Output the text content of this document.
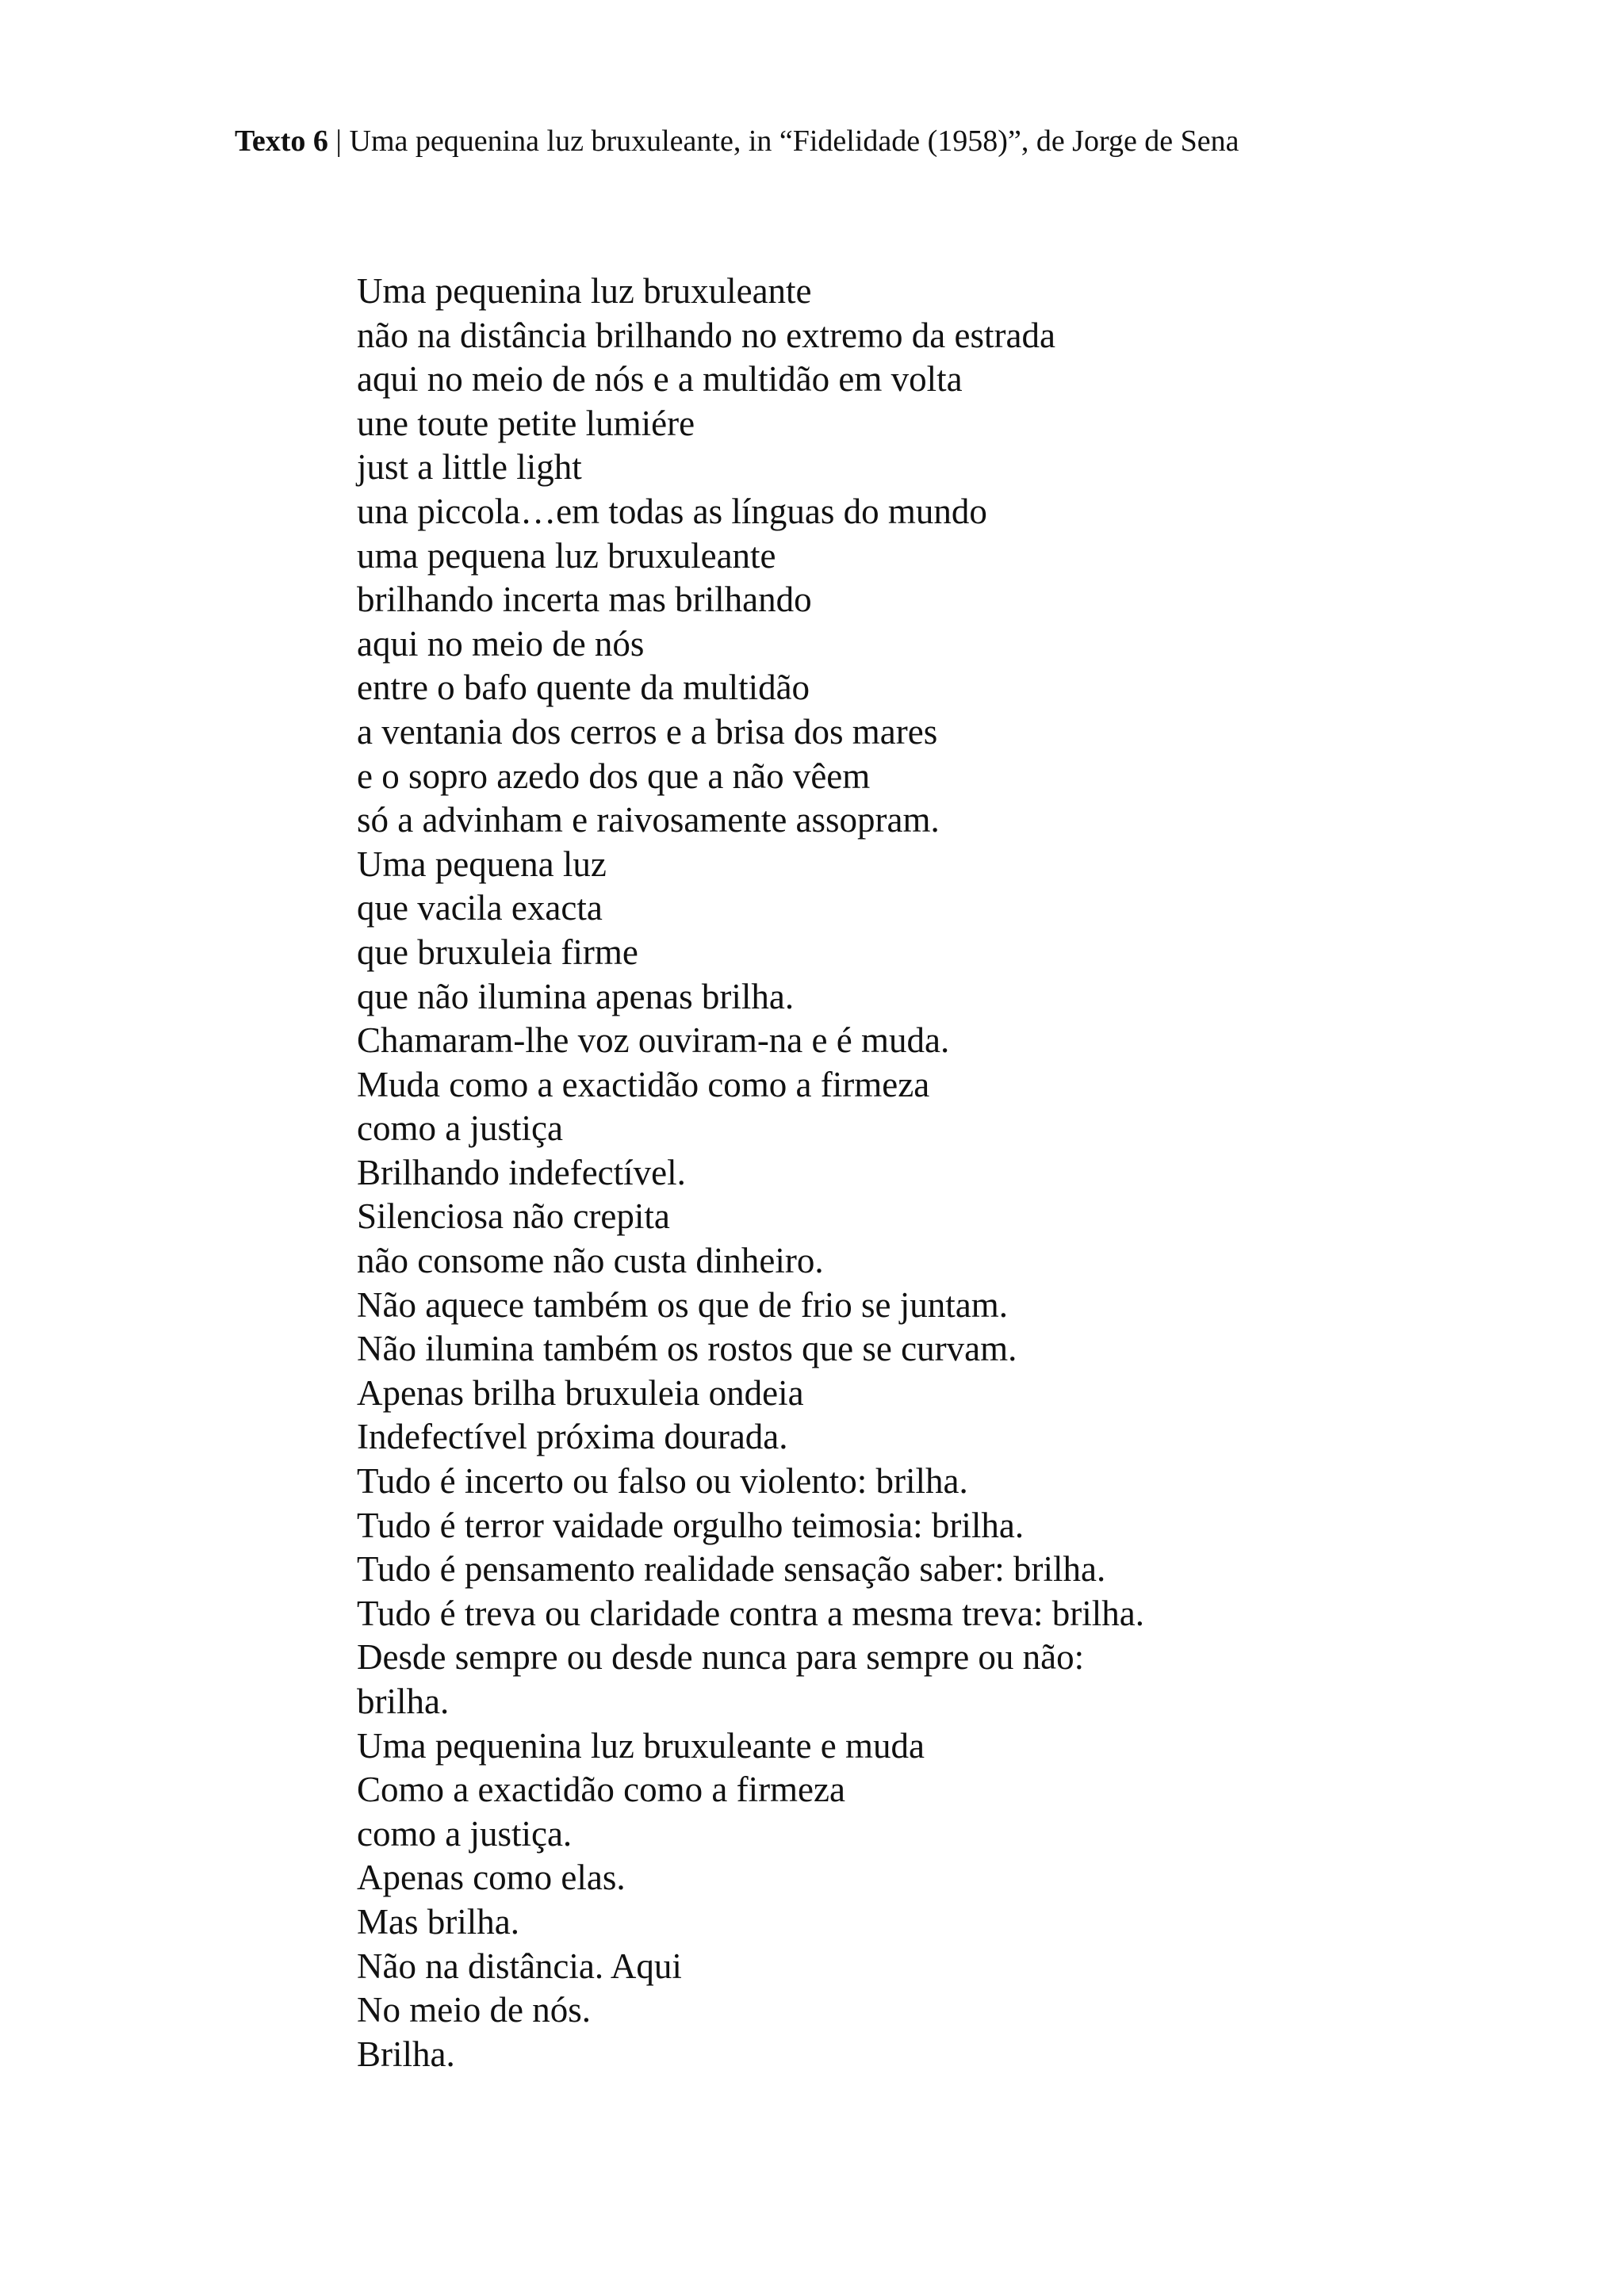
Texto 6 | Uma pequenina luz bruxuleante, in “Fidelidade (1958)”, de Jorge de Sena
Uma pequenina luz bruxuleante
não na distância brilhando no extremo da estrada
aqui no meio de nós e a multidão em volta
une toute petite lumiére
just a little light
una piccola…em todas as línguas do mundo
uma pequena luz bruxuleante
brilhando incerta mas brilhando
aqui no meio de nós
entre o bafo quente da multidão
a ventania dos cerros e a brisa dos mares
e o sopro azedo dos que a não vêem
só a advinham e raivosamente assopram.
Uma pequena luz
que vacila exacta
que bruxuleia firme
que não ilumina apenas brilha.
Chamaram-lhe voz ouviram-na e é muda.
Muda como a exactidão como a firmeza
como a justiça
Brilhando indefectível.
Silenciosa não crepita
não consome não custa dinheiro.
Não aquece também os que de frio se juntam.
Não ilumina também os rostos que se curvam.
Apenas brilha bruxuleia ondeia
Indefectível próxima dourada.
Tudo é incerto ou falso ou violento: brilha.
Tudo é terror vaidade orgulho teimosia: brilha.
Tudo é pensamento realidade sensação saber: brilha.
Tudo é treva ou claridade contra a mesma treva: brilha.
Desde sempre ou desde nunca para sempre ou não:
brilha.
Uma pequenina luz bruxuleante e muda
Como a exactidão como a firmeza
como a justiça.
Apenas como elas.
Mas brilha.
Não na distância. Aqui
No meio de nós.
Brilha.
